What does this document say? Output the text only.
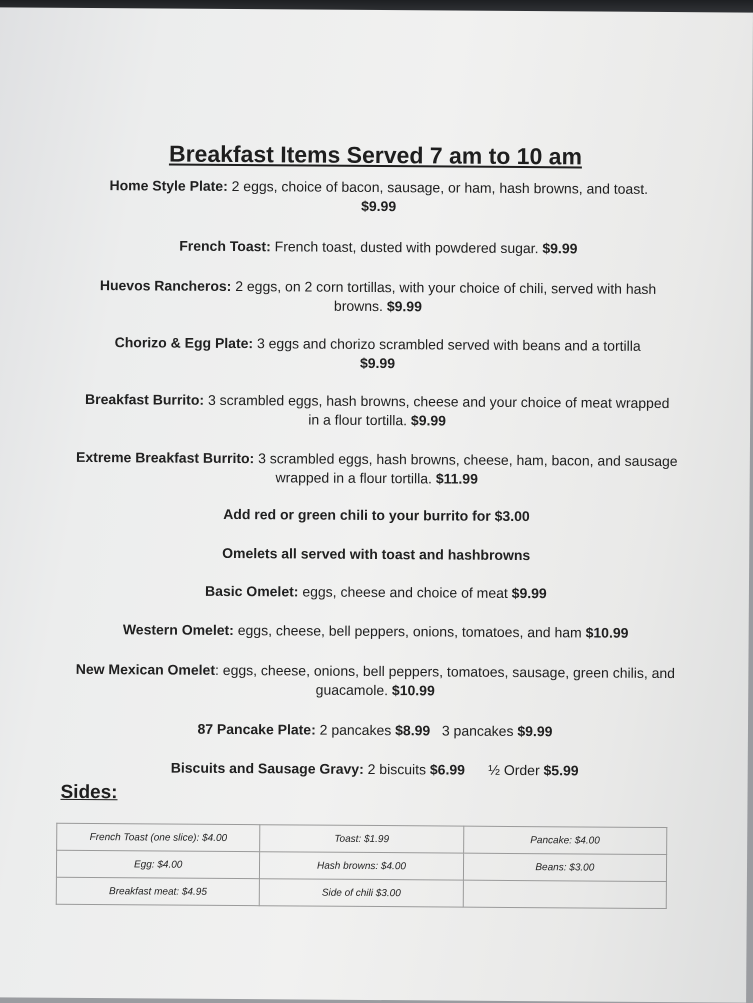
Breakfast Items Served 7 am to 10 am
Home Style Plate: 2 eggs, choice of bacon, sausage, or ham, hash browns, and toast.
$9.99
French Toast: French toast, dusted with powdered sugar. $9.99
Huevos Rancheros: 2 eggs, on 2 corn tortillas, with your choice of chili, served with hash browns. $9.99
Chorizo & Egg Plate: 3 eggs and chorizo scrambled served with beans and a tortilla
$9.99
Breakfast Burrito: 3 scrambled eggs, hash browns, cheese and your choice of meat wrapped in a flour tortilla. $9.99
Extreme Breakfast Burrito: 3 scrambled eggs, hash browns, cheese, ham, bacon, and sausage wrapped in a flour tortilla. $11.99
Add red or green chili to your burrito for $3.00
Omelets all served with toast and hashbrowns
Basic Omelet: eggs, cheese and choice of meat $9.99
Western Omelet: eggs, cheese, bell peppers, onions, tomatoes, and ham $10.99
New Mexican Omelet: eggs, cheese, onions, bell peppers, tomatoes, sausage, green chilis, and guacamole. $10.99
87 Pancake Plate: 2 pancakes $8.99 3 pancakes $9.99
Biscuits and Sausage Gravy: 2 biscuits $6.99 ½ Order $5.99
Sides:
French Toast (one slice): $4.00	Toast: $1.99	Pancake: $4.00
Egg: $4.00	Hash browns: $4.00	Beans: $3.00
Breakfast meat: $4.95	Side of chili $3.00	
